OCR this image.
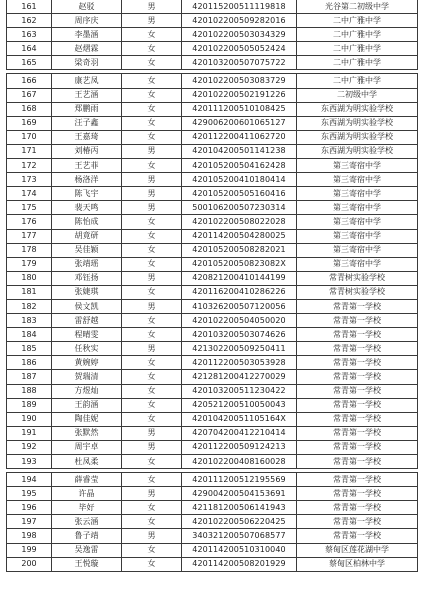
161	赵驳	男	420115200511119818	光谷第二初级中学
162	周序庆	男	420102200509282016	二中广雅中学
163	李墨涵	女	420102200503034329	二中广雅中学
164	赵熠霖	女	420102200505052424	二中广雅中学
165	梁奇羽	女	420103200507075722	二中广雅中学
166	康艺凤	女	420102200503083729	二中广雅中学
167	王艺涵	女	420102200502191226	二初级中学
168	郑鹏雨	女	420111200510108425	东西湖为明实验学校
169	汪子鑫	女	429006200601065127	东西湖为明实验学校
170	王嘉琦	女	420112200411062720	东西湖为明实验学校
171	刘椿丙	男	420104200501141238	东西湖为明实验学校
172	王艺菲	女	420105200504162428	第三寄宿中学
173	杨洛洋	男	420105200410180414	第三寄宿中学
174	陈飞宇	男	420105200505160416	第三寄宿中学
175	裴天鸣	男	500106200507230314	第三寄宿中学
176	陈怡成	女	420102200508022028	第三寄宿中学
177	胡竟研	女	420114200504280025	第三寄宿中学
178	吴佳颖	女	420105200508282021	第三寄宿中学
179	张靖瑶	女	42010520050823082X	第三寄宿中学
180	邓钰扬	男	420821200410144199	常青树实验学校
181	张婕琪	女	420116200410286226	常青树实验学校
182	侯文凯	男	410326200507120056	常青第一学校
183	雷舒越	女	420102200504050020	常青第一学校
184	程晴雯	女	420103200503074626	常青第一学校
185	任秋实	男	421302200509250411	常青第一学校
186	黄婉婷	女	420112200503053928	常青第一学校
187	贺瑞清	女	421281200412270029	常青第一学校
188	方煜灿	女	420103200511230422	常青第一学校
189	王韵涵	女	420521200510050043	常青第一学校
190	陶佳妮	女	42010420051105164X	常青第一学校
191	张默然	男	420704200412210414	常青第一学校
192	周宇卓	男	420112200509124213	常青第一学校
193	杜凤柔	女	420102200408160028	常青第一学校
194	薛睿莹	女	420111200512195569	常青第一学校
195	许晶	男	429004200504153691	常青第一学校
196	毕好	女	421181200506141943	常青第一学校
197	张云涵	女	420102200506220425	常青第一学校
198	鲁子靖	男	340321200507068577	常青第一学校
199	吴逸雷	女	420114200510310040	蔡甸区莲花湖中学
200	王悦璇	女	420114200508201929	蔡甸区柏林中学
